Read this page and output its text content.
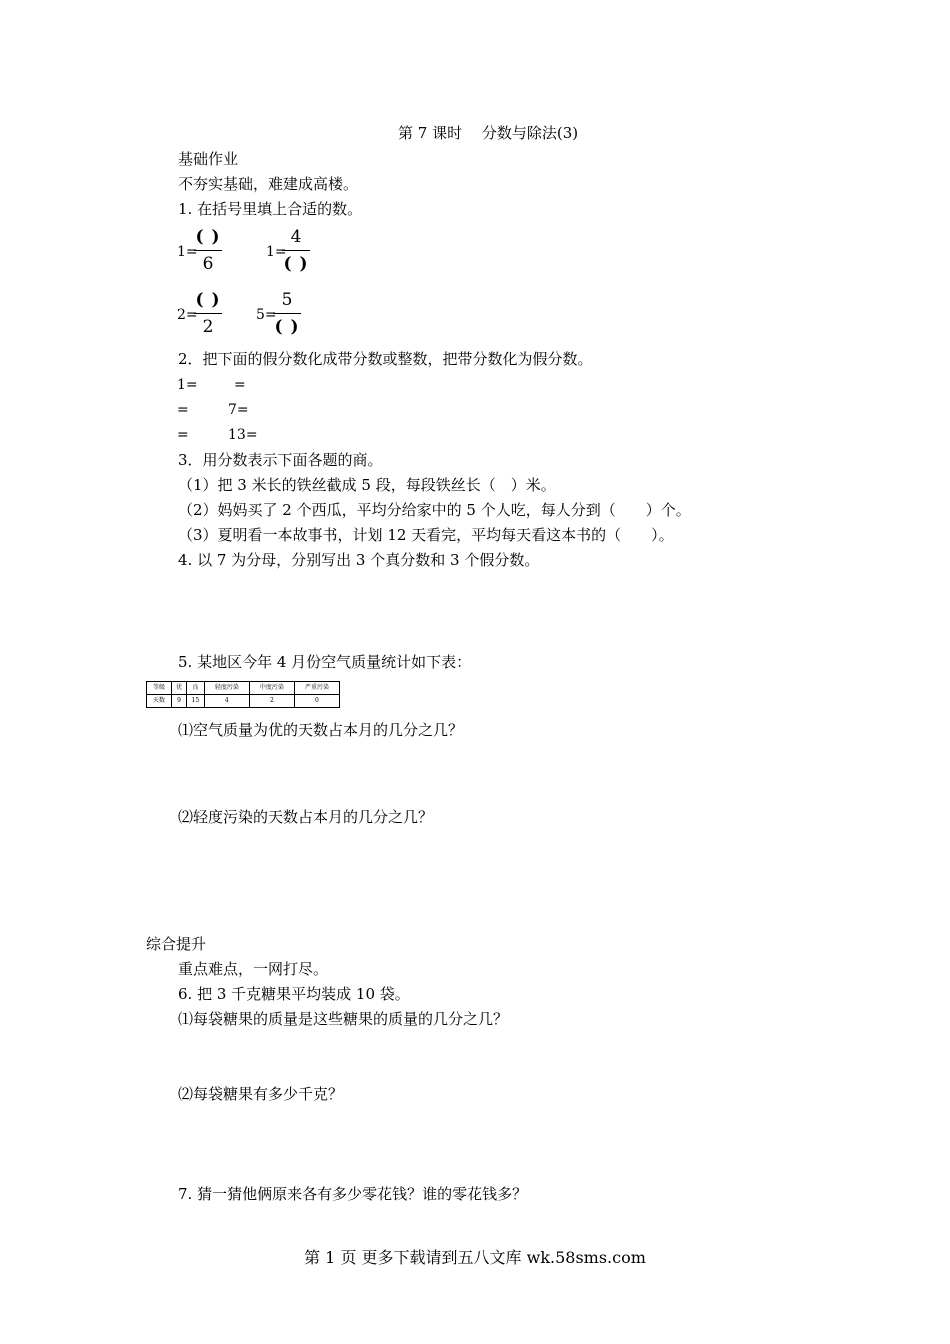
第 7 课时　 分数与除法(3)
基础作业
不夯实基础，难建成高楼。
1. 在括号里填上合适的数。
1=
( )
6
1=
4
( )
2=
( )
2
5=
5
( )
2．把下面的假分数化成带分数或整数，把带分数化为假分数。
1=	=
=	7=
=	13=
3．用分数表示下面各题的商。
（1）把 3 米长的铁丝截成 5 段，每段铁丝长（　）米。
（2）妈妈买了 2 个西瓜，平均分给家中的 5 个人吃，每人分到（　　）个。
（3）夏明看一本故事书，计划 12 天看完，平均每天看这本书的（　　）。
4. 以 7 为分母，分别写出 3 个真分数和 3 个假分数。
5. 某地区今年 4 月份空气质量统计如下表：
等级	优	良	轻度污染	中度污染	严重污染
天数	9	15	4	2	0
⑴空气质量为优的天数占本月的几分之几？
⑵轻度污染的天数占本月的几分之几？
综合提升
重点难点，一网打尽。
6. 把 3 千克糖果平均装成 10 袋。
⑴每袋糖果的质量是这些糖果的质量的几分之几？
⑵每袋糖果有多少千克？
7. 猜一猜他俩原来各有多少零花钱？谁的零花钱多？
第 1 页 更多下载请到五八文库 wk.58sms.com
